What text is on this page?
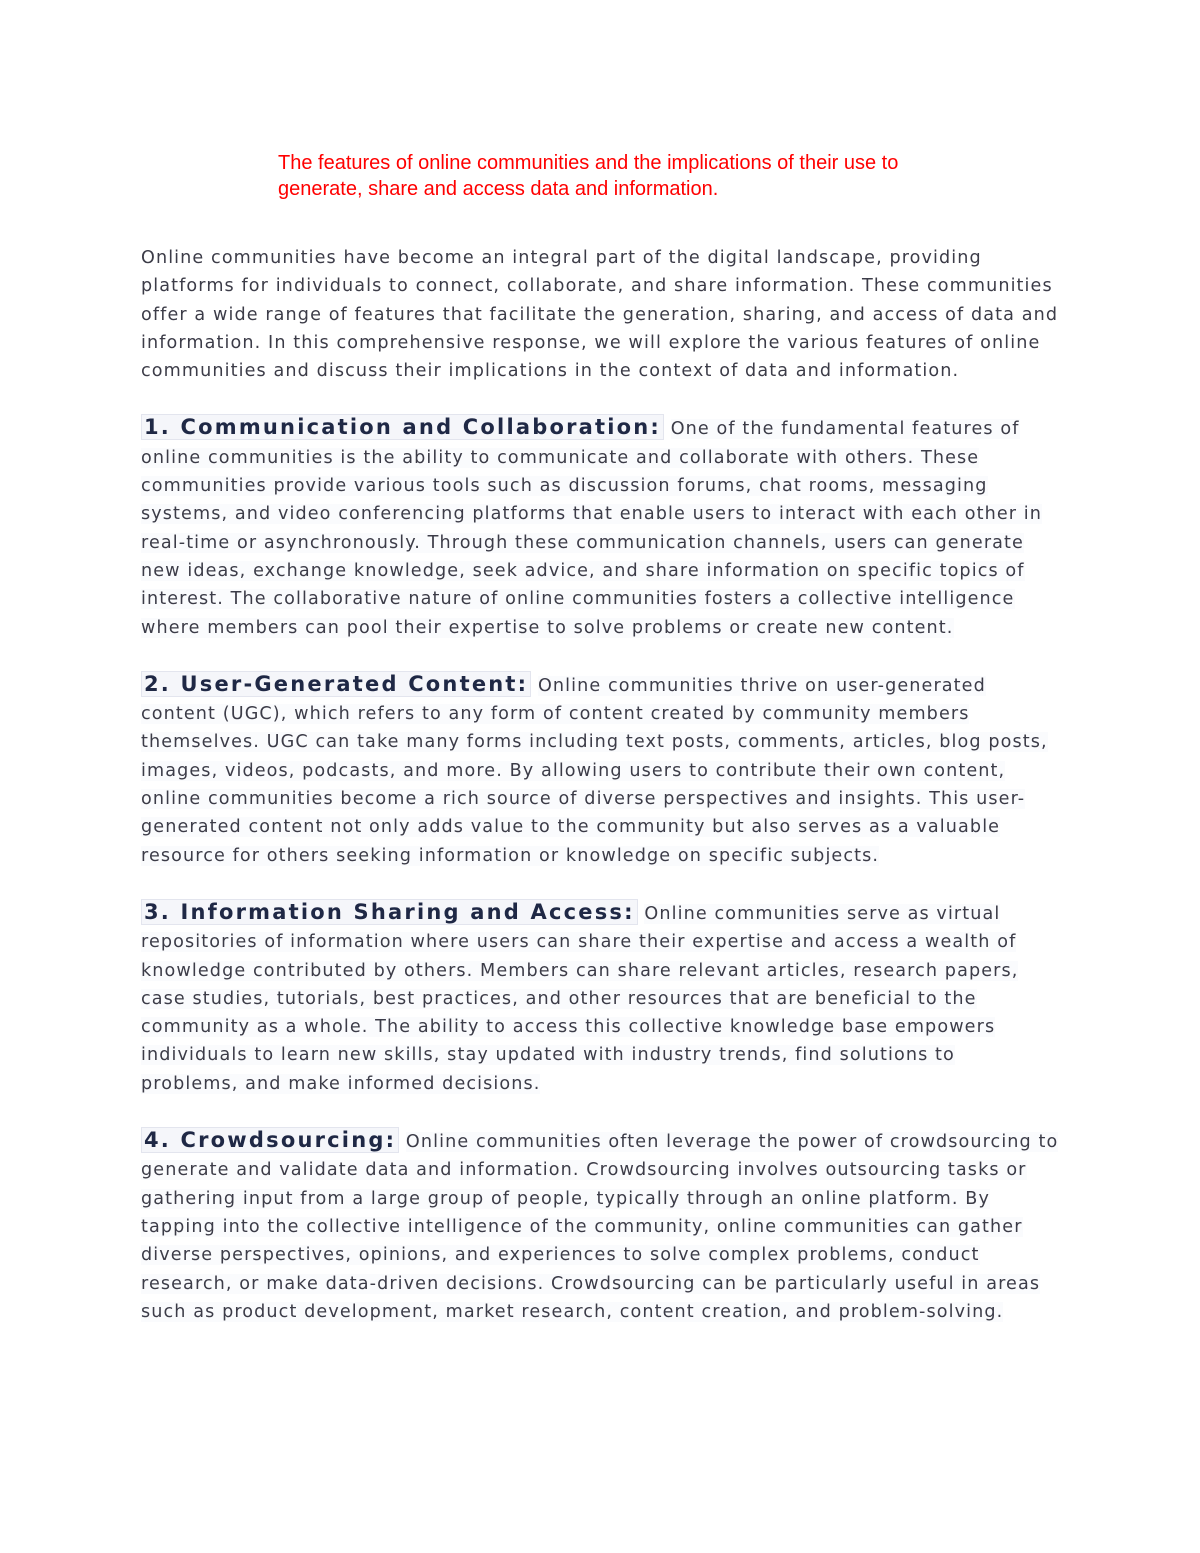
The features of online communities and the implications of their use to generate, share and access data and information.

Online communities have become an integral part of the digital landscape, providing platforms for individuals to connect, collaborate, and share information. These communities offer a wide range of features that facilitate the generation, sharing, and access of data and information. In this comprehensive response, we will explore the various features of online communities and discuss their implications in the context of data and information.

1. Communication and Collaboration: One of the fundamental features of online communities is the ability to communicate and collaborate with others. These communities provide various tools such as discussion forums, chat rooms, messaging systems, and video conferencing platforms that enable users to interact with each other in real-time or asynchronously. Through these communication channels, users can generate new ideas, exchange knowledge, seek advice, and share information on specific topics of interest. The collaborative nature of online communities fosters a collective intelligence where members can pool their expertise to solve problems or create new content.

2. User-Generated Content: Online communities thrive on user-generated content (UGC), which refers to any form of content created by community members themselves. UGC can take many forms including text posts, comments, articles, blog posts, images, videos, podcasts, and more. By allowing users to contribute their own content, online communities become a rich source of diverse perspectives and insights. This user-generated content not only adds value to the community but also serves as a valuable resource for others seeking information or knowledge on specific subjects.

3. Information Sharing and Access: Online communities serve as virtual repositories of information where users can share their expertise and access a wealth of knowledge contributed by others. Members can share relevant articles, research papers, case studies, tutorials, best practices, and other resources that are beneficial to the community as a whole. The ability to access this collective knowledge base empowers individuals to learn new skills, stay updated with industry trends, find solutions to problems, and make informed decisions.

4. Crowdsourcing: Online communities often leverage the power of crowdsourcing to generate and validate data and information. Crowdsourcing involves outsourcing tasks or gathering input from a large group of people, typically through an online platform. By tapping into the collective intelligence of the community, online communities can gather diverse perspectives, opinions, and experiences to solve complex problems, conduct research, or make data-driven decisions. Crowdsourcing can be particularly useful in areas such as product development, market research, content creation, and problem-solving.
